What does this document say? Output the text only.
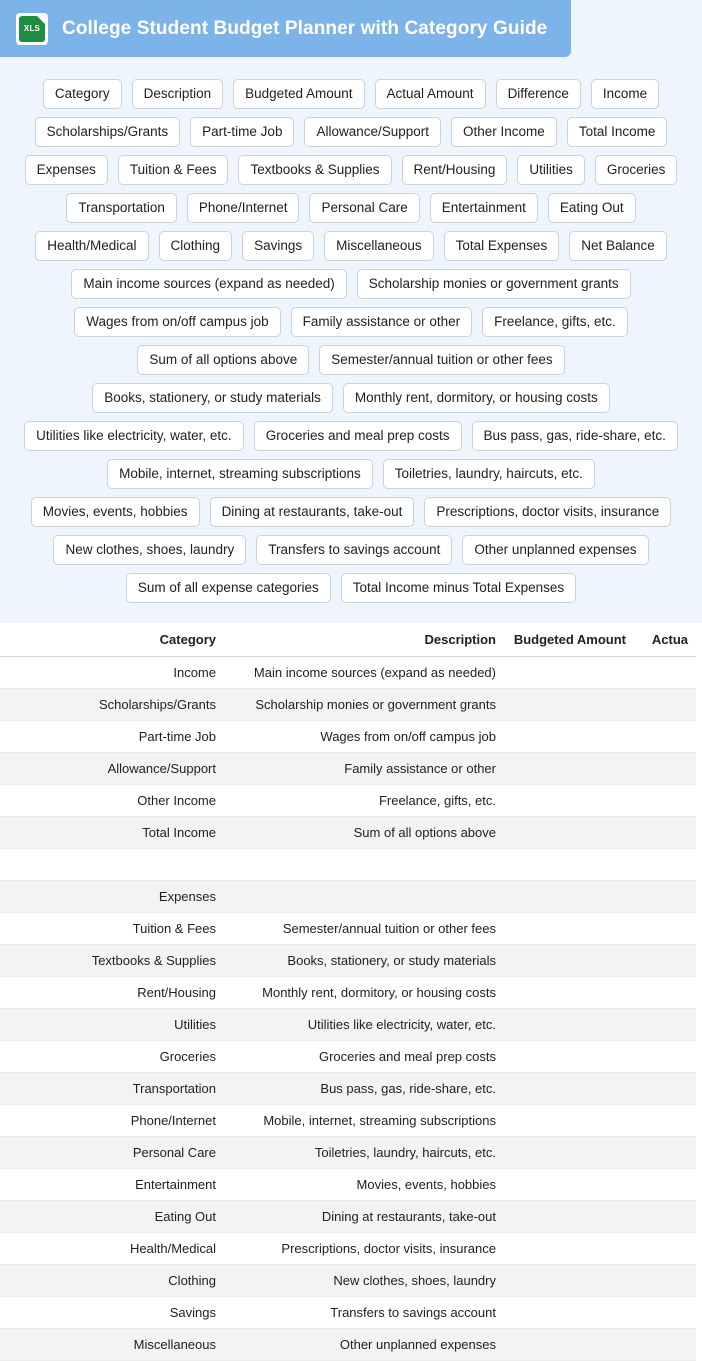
XLS College Student Budget Planner with Category Guide
Category	Description	Budgeted Amount	Actual Amount	Difference	Income
Scholarships/Grants	Part-time Job	Allowance/Support	Other Income	Total Income
Expenses	Tuition & Fees	Textbooks & Supplies	Rent/Housing	Utilities	Groceries
Transportation	Phone/Internet	Personal Care	Entertainment	Eating Out
Health/Medical	Clothing	Savings	Miscellaneous	Total Expenses	Net Balance
Main income sources (expand as needed)	Scholarship monies or government grants
Wages from on/off campus job	Family assistance or other	Freelance, gifts, etc.
Sum of all options above	Semester/annual tuition or other fees
Books, stationery, or study materials	Monthly rent, dormitory, or housing costs
Utilities like electricity, water, etc.	Groceries and meal prep costs	Bus pass, gas, ride-share, etc.
Mobile, internet, streaming subscriptions	Toiletries, laundry, haircuts, etc.
Movies, events, hobbies	Dining at restaurants, take-out	Prescriptions, doctor visits, insurance
New clothes, shoes, laundry	Transfers to savings account	Other unplanned expenses
Sum of all expense categories	Total Income minus Total Expenses
	Category	Description	Budgeted Amount	Actua
	Income	Main income sources (expand as needed)		
	Scholarships/Grants	Scholarship monies or government grants		
	Part-time Job	Wages from on/off campus job		
	Allowance/Support	Family assistance or other		
	Other Income	Freelance, gifts, etc.		
	Total Income	Sum of all options above		

	Expenses			
	Tuition & Fees	Semester/annual tuition or other fees		
	Textbooks & Supplies	Books, stationery, or study materials		
	Rent/Housing	Monthly rent, dormitory, or housing costs		
	Utilities	Utilities like electricity, water, etc.		
	Groceries	Groceries and meal prep costs		
	Transportation	Bus pass, gas, ride-share, etc.		
	Phone/Internet	Mobile, internet, streaming subscriptions		
	Personal Care	Toiletries, laundry, haircuts, etc.		
	Entertainment	Movies, events, hobbies		
	Eating Out	Dining at restaurants, take-out		
	Health/Medical	Prescriptions, doctor visits, insurance		
	Clothing	New clothes, shoes, laundry		
	Savings	Transfers to savings account		
	Miscellaneous	Other unplanned expenses		
